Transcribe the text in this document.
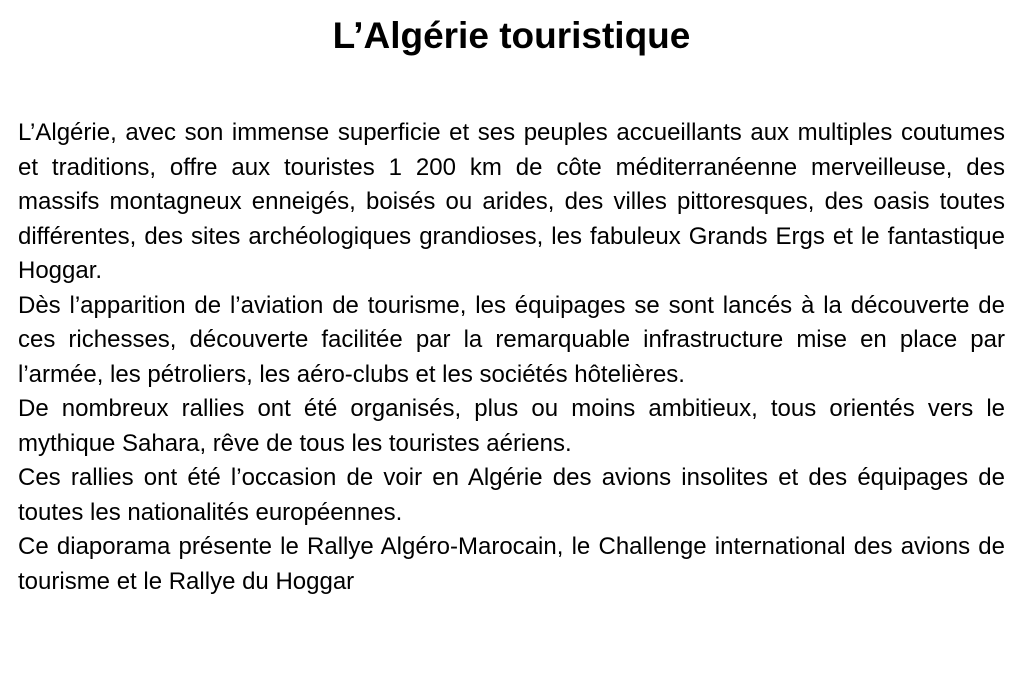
L’Algérie touristique

L’Algérie, avec son immense superficie et ses peuples accueillants aux multiples coutumes et traditions, offre aux touristes 1 200 km de côte méditerranéenne merveilleuse, des massifs montagneux enneigés, boisés ou arides, des villes pittoresques, des oasis toutes différentes, des sites archéologiques grandioses, les fabuleux Grands Ergs et le fantastique Hoggar.

Dès l’apparition de l’aviation de tourisme, les équipages se sont lancés à la découverte de ces richesses, découverte facilitée par la remarquable infrastructure mise en place par l’armée, les pétroliers, les aéro-clubs et les sociétés hôtelières.

De nombreux rallies ont été organisés, plus ou moins ambitieux, tous orientés vers le mythique Sahara, rêve de tous les touristes aériens.

Ces rallies ont été l’occasion de voir en Algérie des avions insolites et des équipages de toutes les nationalités européennes.

Ce diaporama présente le Rallye Algéro-Marocain, le Challenge international des avions de tourisme et le Rallye du Hoggar
